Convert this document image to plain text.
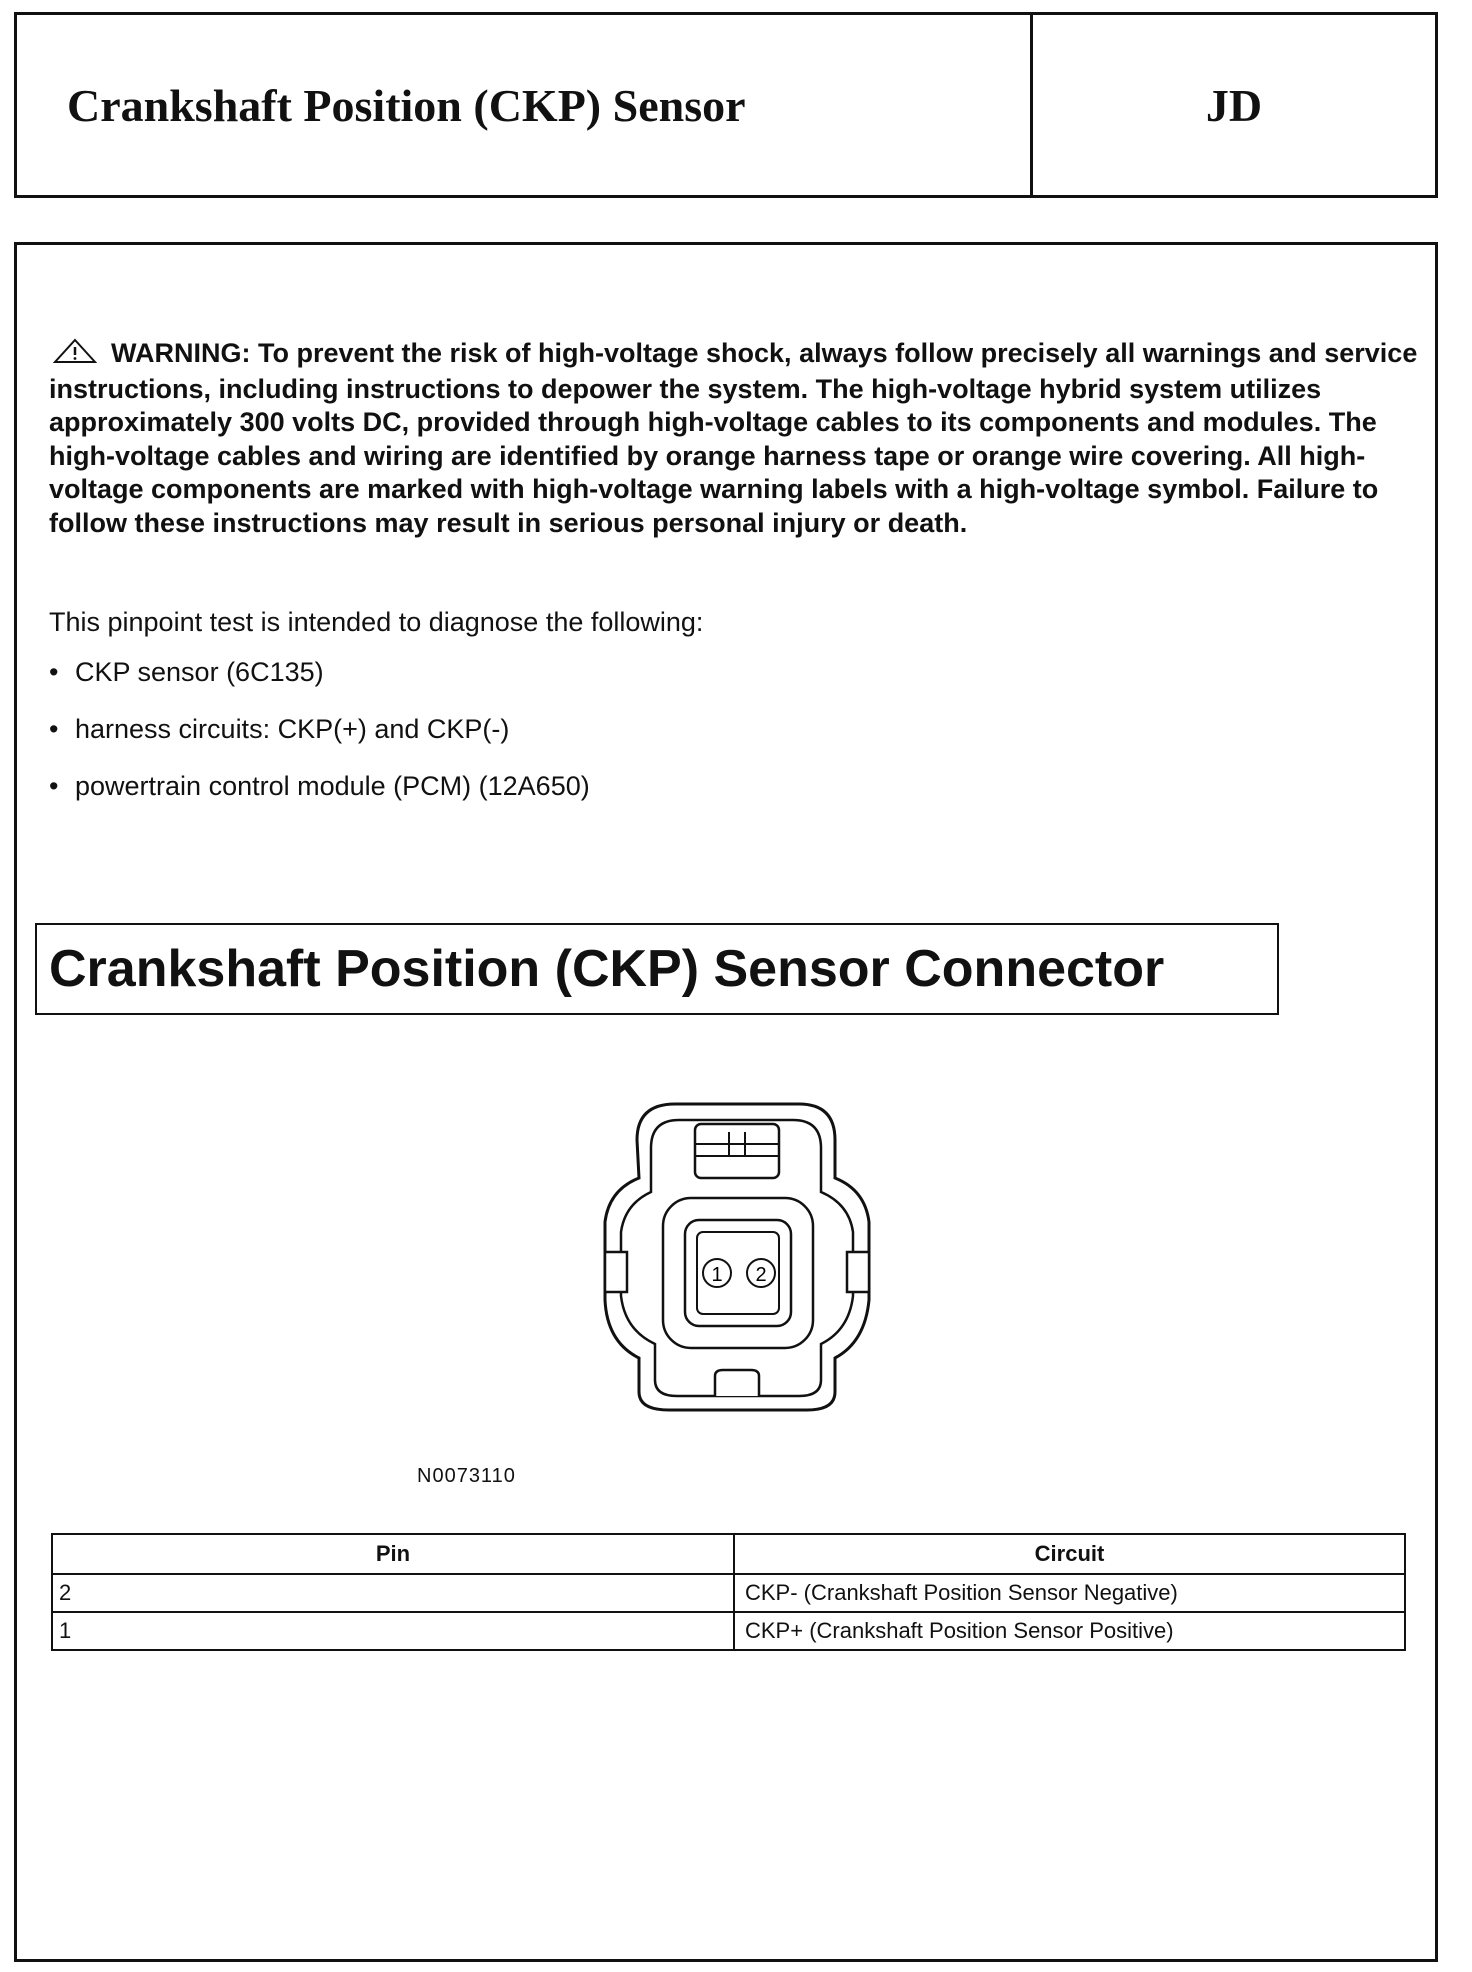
Crankshaft Position (CKP) Sensor	JD

WARNING: To prevent the risk of high-voltage shock, always follow precisely all warnings and service instructions, including instructions to depower the system. The high-voltage hybrid system utilizes approximately 300 volts DC, provided through high-voltage cables to its components and modules. The high-voltage cables and wiring are identified by orange harness tape or orange wire covering. All high-voltage components are marked with high-voltage warning labels with a high-voltage symbol. Failure to follow these instructions may result in serious personal injury or death.

This pinpoint test is intended to diagnose the following:

• CKP sensor (6C135)
• harness circuits: CKP(+) and CKP(-)
• powertrain control module (PCM) (12A650)
Crankshaft Position (CKP) Sensor Connector
1 2
N0073110
Pin	Circuit
2	CKP- (Crankshaft Position Sensor Negative)
1	CKP+ (Crankshaft Position Sensor Positive)
